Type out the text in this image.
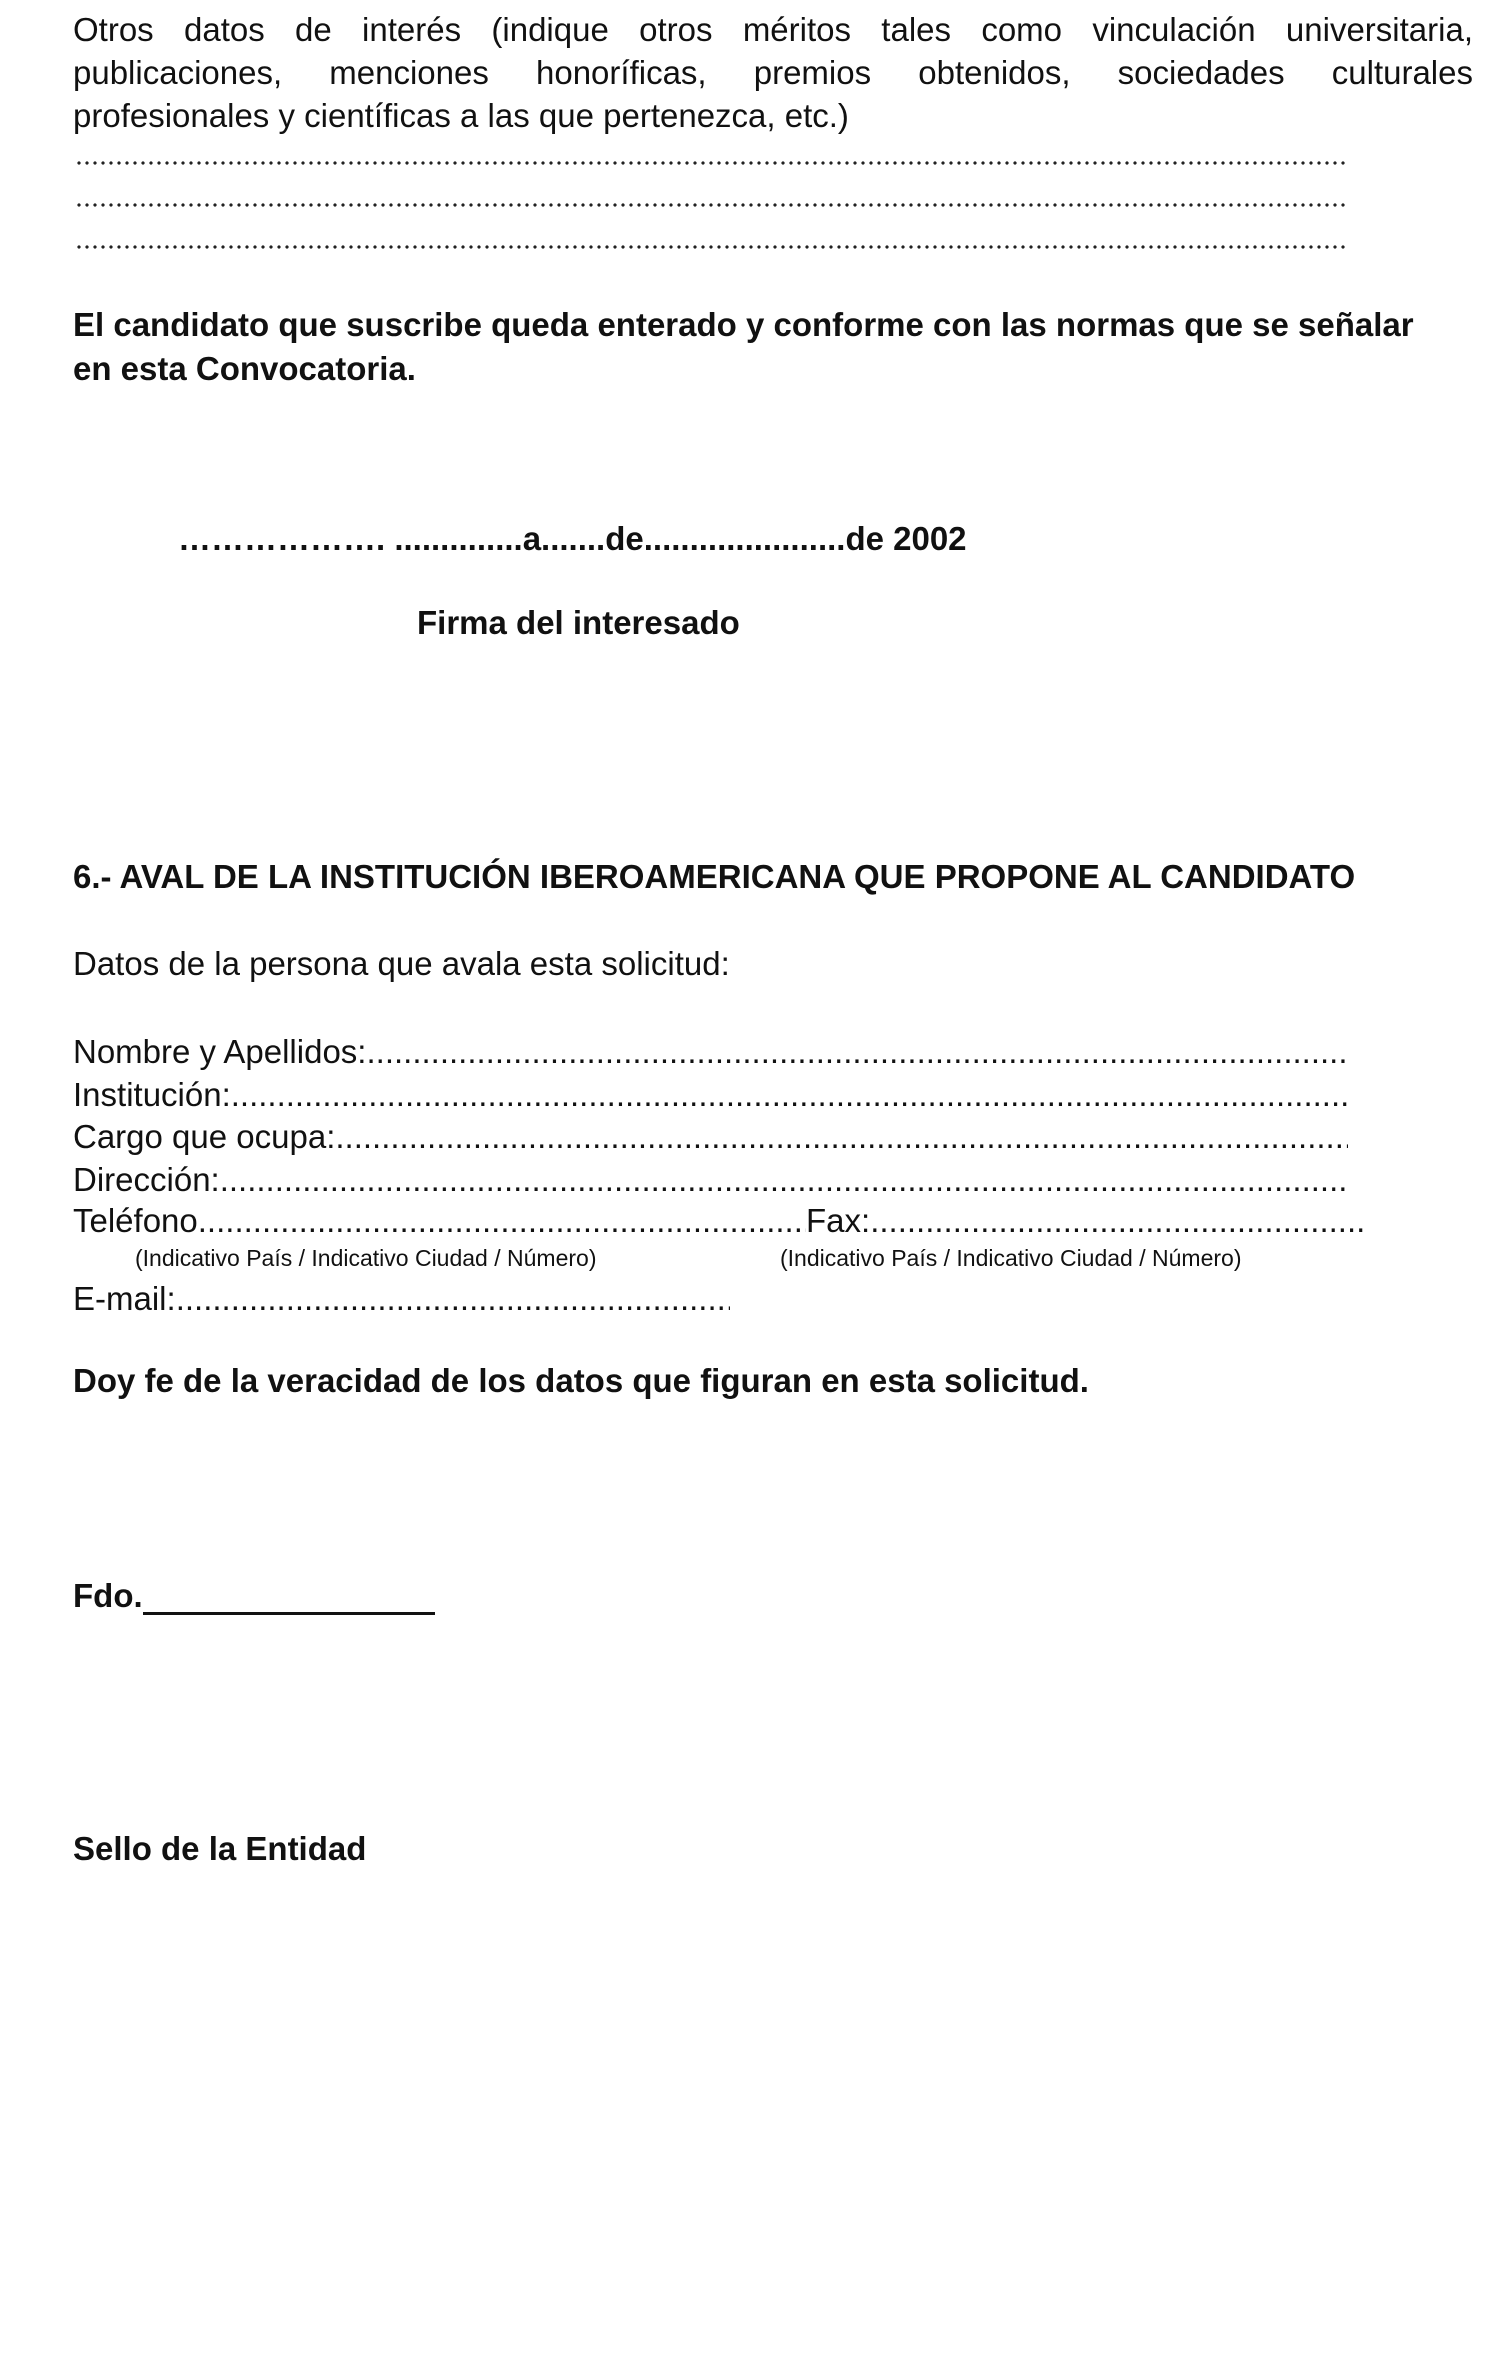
Otros datos de interés (indique otros méritos tales como vinculación universitaria,
publicaciones, menciones honoríficas, premios obtenidos, sociedades culturales
profesionales y científicas a las que pertenezca, etc.)
El candidato que suscribe queda enterado y conforme con las normas que se señalar
en esta Convocatoria.
………………. ..............a.......de......................de 2002
Firma del interesado
6.- AVAL DE LA INSTITUCIÓN IBEROAMERICANA QUE PROPONE AL CANDIDATO
Datos de la persona que avala esta solicitud:
Nombre y Apellidos:
.....
Institución:
.....
Cargo que ocupa:
.....
Dirección:
.....
Teléfono
.....	Fax:
.....
(Indicativo País / Indicativo Ciudad / Número)	(Indicativo País / Indicativo Ciudad / Número)
E-mail:
.....
Doy fe de la veracidad de los datos que figuran en esta solicitud.
Fdo.
Sello de la Entidad
